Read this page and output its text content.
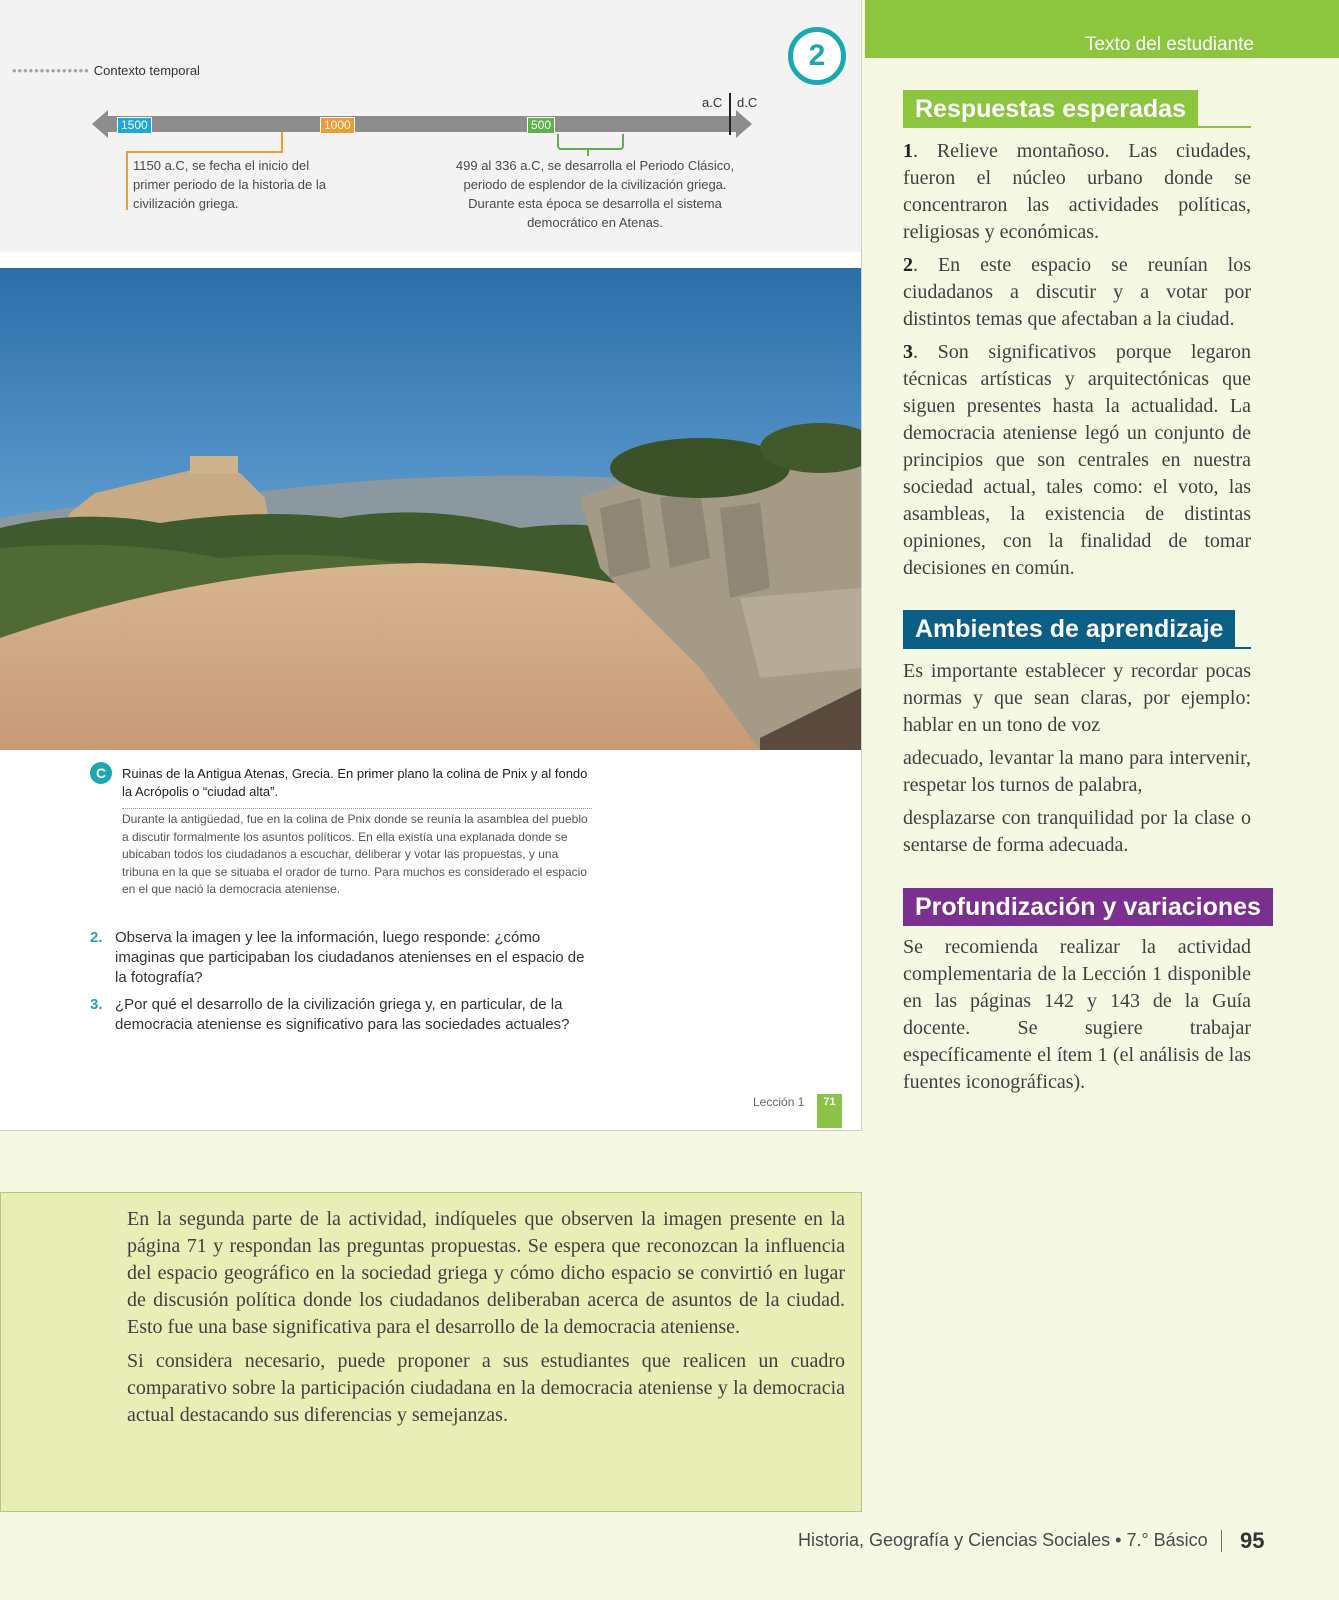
•••••••••••••• Contexto temporal	2
1500	1000	500
a.C d.C
1150 a.C, se fecha el inicio del primer periodo de la historia de la civilización griega.
499 al 336 a.C, se desarrolla el Periodo Clásico, periodo de esplendor de la civilización griega. Durante esta época se desarrolla el sistema democrático en Atenas.
C	Ruinas de la Antigua Atenas, Grecia. En primer plano la colina de Pnix y al fondo la Acrópolis o “ciudad alta”.
Durante la antigüedad, fue en la colina de Pnix donde se reunía la asamblea del pueblo a discutir formalmente los asuntos políticos. En ella existía una explanada donde se ubicaban todos los ciudadanos a escuchar, deliberar y votar las propuestas, y una tribuna en la que se situaba el orador de turno. Para muchos es considerado el espacio en el que nació la democracia ateniense.
2. Observa la imagen y lee la información, luego responde: ¿cómo imaginas que participaban los ciudadanos atenienses en el espacio de la fotografía?
3. ¿Por qué el desarrollo de la civilización griega y, en particular, de la democracia ateniense es significativo para las sociedades actuales?
Lección 1	71
Texto del estudiante
Respuestas esperadas

1. Relieve montañoso. Las ciudades, fueron el núcleo urbano donde se concentraron las actividades políticas, religiosas y económicas.

2. En este espacio se reunían los ciudadanos a discutir y a votar por distintos temas que afectaban a la ciudad.

3. Son significativos porque legaron técnicas artísticas y arquitectónicas que siguen presentes hasta la actualidad. La democracia ateniense legó un conjunto de principios que son centrales en nuestra sociedad actual, tales como: el voto, las asambleas, la existencia de distintas opiniones, con la finalidad de tomar decisiones en común.

Ambientes de aprendizaje

Es importante establecer y recordar pocas normas y que sean claras, por ejemplo: hablar en un tono de voz

adecuado, levantar la mano para intervenir, respetar los turnos de palabra,

desplazarse con tranquilidad por la clase o sentarse de forma adecuada.

Profundización y variaciones

Se recomienda realizar la actividad complementaria de la Lección 1 disponible en las páginas 142 y 143 de la Guía docente. Se sugiere trabajar específicamente el ítem 1 (el análisis de las fuentes iconográficas).

En la segunda parte de la actividad, indíqueles que observen la imagen presente en la página 71 y respondan las preguntas propuestas. Se espera que reconozcan la influencia del espacio geográfico en la sociedad griega y cómo dicho espacio se convirtió en lugar de discusión política donde los ciudadanos deliberaban acerca de asuntos de la ciudad. Esto fue una base significativa para el desarrollo de la democracia ateniense.

Si considera necesario, puede proponer a sus estudiantes que realicen un cuadro comparativo sobre la participación ciudadana en la democracia ateniense y la democracia actual destacando sus diferencias y semejanzas.

Historia, Geografía y Ciencias Sociales • 7.° Básico 95
